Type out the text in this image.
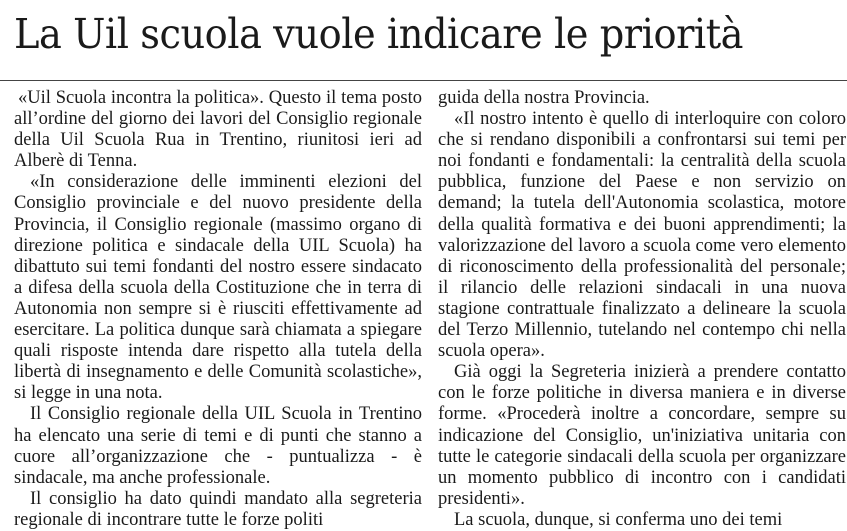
La Uil scuola vuole indicare le priorità

«Uil Scuola incontra la politica». Questo il tema posto all’ordine del giorno dei lavori del Consiglio regionale della Uil Scuola Rua in Trentino, riunitosi ieri ad Alberè di Tenna.

«In considerazione delle imminenti elezioni del Consiglio provinciale e del nuovo presidente della Provincia, il Consiglio regionale (massimo organo di direzione politica e sindacale della UIL Scuola) ha dibattuto sui temi fondanti del nostro essere sindacato a difesa della scuola della Costituzione che in terra di Autonomia non sempre si è riusciti effettivamente ad esercitare. La politica dunque sarà chiamata a spiegare quali risposte intenda dare rispetto alla tutela della libertà di insegnamento e delle Comunità scolastiche», si legge in una nota.

Il Consiglio regionale della UIL Scuola in Trentino ha elencato una serie di temi e di punti che stanno a cuore all’organizzazione che - puntualizza - è sindacale, ma anche professionale.

Il consiglio ha dato quindi mandato alla segreteria regionale di incontrare tutte le forze politi

guida della nostra Provincia.

«Il nostro intento è quello di interloquire con coloro che si rendano disponibili a confrontarsi sui temi per noi fondanti e fondamentali: la centralità della scuola pubblica, funzione del Paese e non servizio on demand; la tutela dell'Autonomia scolastica, motore della qualità formativa e dei buoni apprendimenti; la valorizzazione del lavoro a scuola come vero elemento di riconoscimento della professionalità del personale; il rilancio delle relazioni sindacali in una nuova stagione contrattuale finalizzato a delineare la scuola del Terzo Millennio, tutelando nel contempo chi nella scuola opera».

Già oggi la Segreteria inizierà a prendere contatto con le forze politiche in diversa maniera e in diverse forme. «Procederà inoltre a concordare, sempre su indicazione del Consiglio, un'iniziativa unitaria con tutte le categorie sindacali della scuola per organizzare un momento pubblico di incontro con i candidati presidenti».

La scuola, dunque, si conferma uno dei temi
